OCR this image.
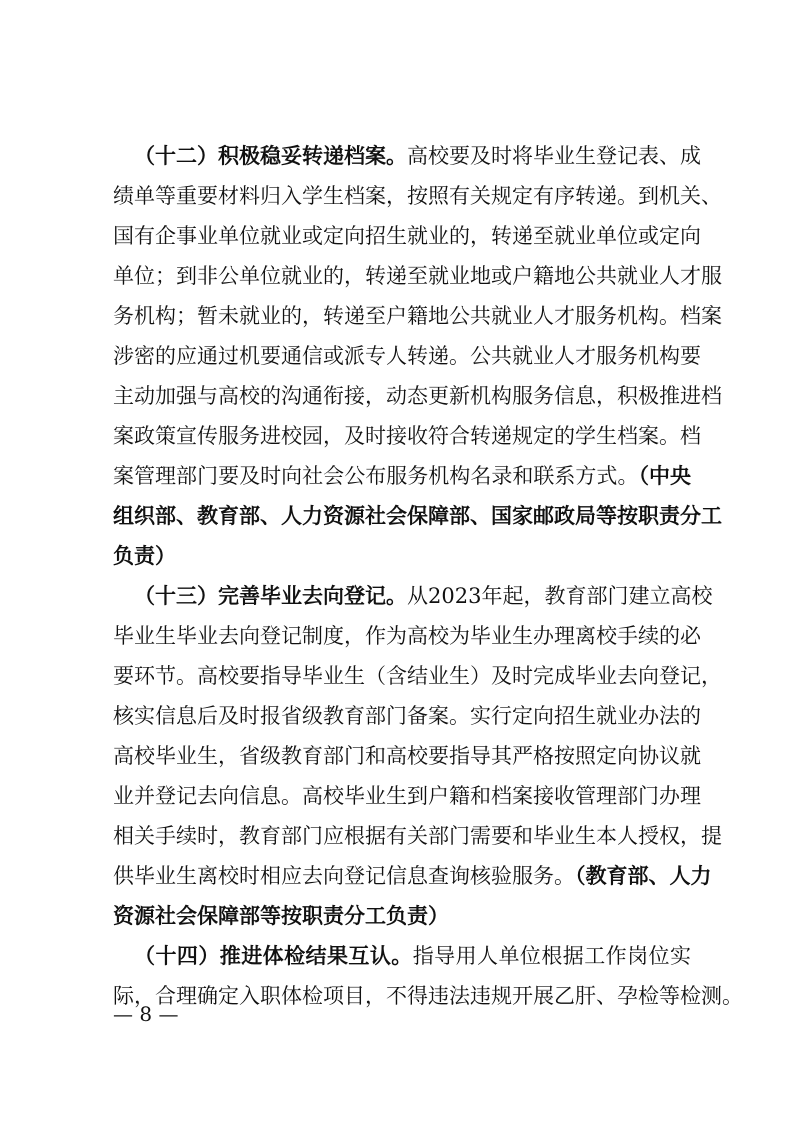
（十二）积极稳妥转递档案。高校要及时将毕业生登记表、成
绩单等重要材料归入学生档案，按照有关规定有序转递。到机关、
国有企事业单位就业或定向招生就业的，转递至就业单位或定向
单位；到非公单位就业的，转递至就业地或户籍地公共就业人才服
务机构；暂未就业的，转递至户籍地公共就业人才服务机构。档案
涉密的应通过机要通信或派专人转递。公共就业人才服务机构要
主动加强与高校的沟通衔接，动态更新机构服务信息，积极推进档
案政策宣传服务进校园，及时接收符合转递规定的学生档案。档
案管理部门要及时向社会公布服务机构名录和联系方式。（中央
组织部、教育部、人力资源社会保障部、国家邮政局等按职责分工
负责）
（十三）完善毕业去向登记。从2023年起，教育部门建立高校
毕业生毕业去向登记制度，作为高校为毕业生办理离校手续的必
要环节。高校要指导毕业生（含结业生）及时完成毕业去向登记，
核实信息后及时报省级教育部门备案。实行定向招生就业办法的
高校毕业生，省级教育部门和高校要指导其严格按照定向协议就
业并登记去向信息。高校毕业生到户籍和档案接收管理部门办理
相关手续时，教育部门应根据有关部门需要和毕业生本人授权，提
供毕业生离校时相应去向登记信息查询核验服务。（教育部、人力
资源社会保障部等按职责分工负责）
（十四）推进体检结果互认。指导用人单位根据工作岗位实
际，合理确定入职体检项目，不得违法违规开展乙肝、孕检等检测。
— 8 —
